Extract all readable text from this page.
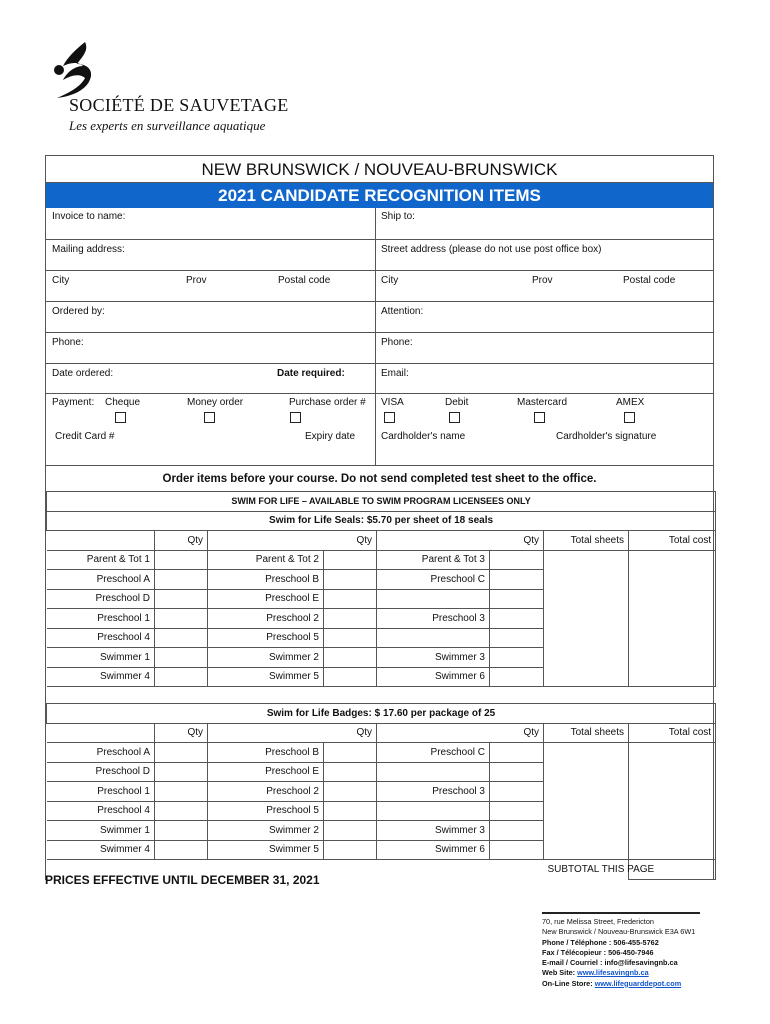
SOCIÉTÉ DE SAUVETAGE
Les experts en surveillance aquatique
NEW BRUNSWICK / NOUVEAU-BRUNSWICK
2021 CANDIDATE RECOGNITION ITEMS
Invoice to name:	Ship to:
Mailing address:	Street address (please do not use post office box)
City	Prov	Postal code	City	Prov	Postal code
Ordered by:	Attention:
Phone:	Phone:
Date ordered:	Date required:	Email:
Payment: Cheque	Money order	Purchase order # VISA	Debit	Mastercard	AMEX
Credit Card #	Expiry date	Cardholder's name	Cardholder's signature
Order items before your course. Do not send completed test sheet to the office.
SWIM FOR LIFE – AVAILABLE TO SWIM PROGRAM LICENSEES ONLY							
Swim for Life Seals: $5.70 per sheet of 18 seals							
	Qty		Qty		Qty	Total sheets	Total cost
Parent & Tot 1		Parent & Tot 2		Parent & Tot 3			
Preschool A		Preschool B		Preschool C			
Preschool D		Preschool E					
Preschool 1		Preschool 2		Preschool 3			
Preschool 4		Preschool 5					
Swimmer 1		Swimmer 2		Swimmer 3			
Swimmer 4		Swimmer 5		Swimmer 6			
Swim for Life Badges: $ 17.60 per package of 25							
	Qty		Qty		Qty	Total sheets	Total cost
Preschool A		Preschool B		Preschool C			
Preschool D		Preschool E					
Preschool 1		Preschool 2		Preschool 3			
Preschool 4		Preschool 5					
Swimmer 1		Swimmer 2		Swimmer 3			
Swimmer 4		Swimmer 5		Swimmer 6			
						SUBTOTAL THIS PAGE	
PRICES EFFECTIVE UNTIL DECEMBER 31, 2021
70, rue Melissa Street, Fredericton
New Brunswick / Nouveau-Brunswick E3A 6W1
Phone / Téléphone : 506-455-5762
Fax / Télécopieur : 506-450-7946
E-mail / Courriel : info@lifesavingnb.ca
Web Site: www.lifesavingnb.ca
On-Line Store: www.lifeguarddepot.com
